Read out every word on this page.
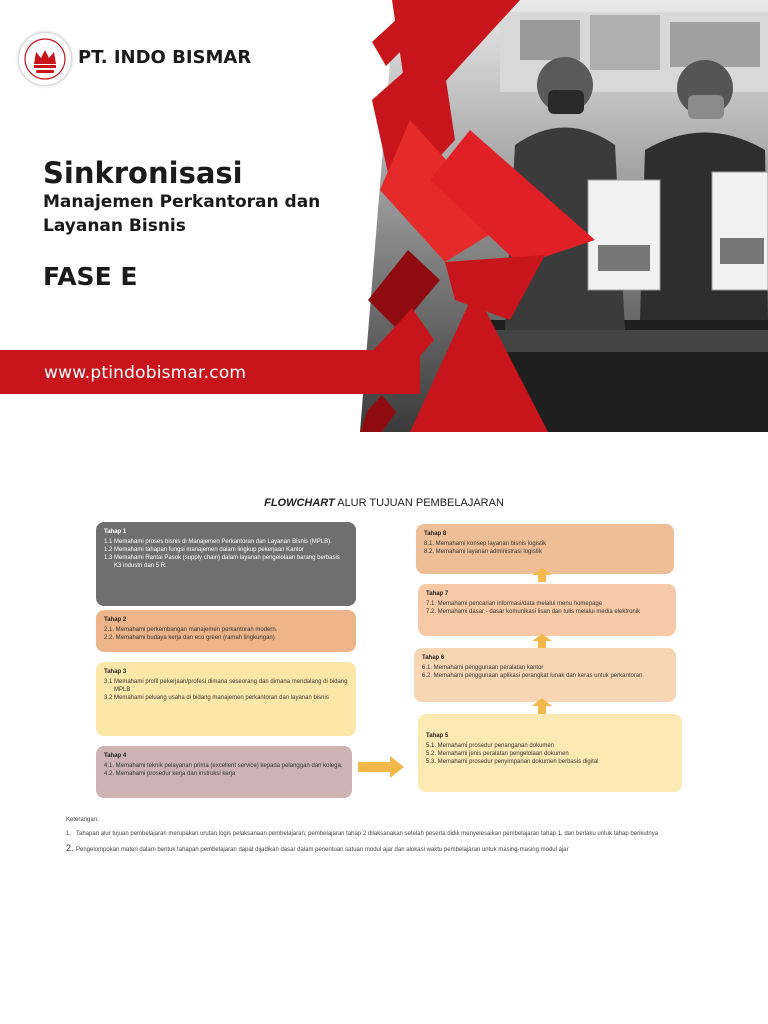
www.ptindobismar.com
PT. INDO BISMAR
Sinkronisasi
Manajemen Perkantoran dan
Layanan Bisnis
FASE E
FLOWCHART ALUR TUJUAN PEMBELAJARAN
Tahap 1
1.1 Memahami proses bisnis di Manajemen Perkantoran dan Layanan Bisnis (MPLB).
1.2 Memahami tahapan fungsi manajemen dalam lingkup pekerjaan Kantor
1.3 Memahami Rantai Pasok (supply chain) dalam layanan pengelolaan barang berbasis K3 industri dan 5 R.
Tahap 2
2.1. Memahami perkembangan manajemen perkantoran modern.
2.2. Memahami budaya kerja dan eco green (ramah lingkungan)
Tahap 3
3.1 Memahami profil pekerjaan/profesi dimana seseorang dan dimana mendalang di bidang MPLB
3.2 Memahami peluang usaha di bidang manajemen perkantoran dan layanan bisnis
Tahap 4
4.1. Memahami teknik pelayanan prima (excellent service) kepada pelanggan dan kolega.
4.2. Memahami prosedur kerja dan instruksi kerja
Tahap 8
8.1. Memahami konsep layanan bisnis logistik
8.2. Memahami layanan administrasi logistik
Tahap 7
7.1. Memahami pencarian informasi/data melalui menu homepage
7.2. Memahami dasar - dasar komunikasi lisan dan tulis melalui media elektronik
Tahap 6
6.1. Memahami penggunaan peralatan kantor
6.2. Memahami penggunaan aplikasi perangkat lunak dan keras untuk perkantoran
Tahap 5
5.1. Memahami prosedur penanganan dokumen
5.2. Memahami jenis peralatan pengelolaan dokumen
5.3. Memahami prosedur penyimpanan dokumen berbasis digital
Keterangan:
1. Tahapan alur tujuan pembelajaran merupakan urutan logis pelaksanaan pembelajaran; pembelajaran tahap 2 dilaksanakan setelah peserta didik menyelesaikan pembelajaran tahap 1, dan berlaku untuk tahap berikutnya
2. Pengelompokan materi dalam bentuk tahapan pembelajaran dapat dijadikan dasar dalam penentuan satuan modul ajar dan alokasi waktu pembelajaran untuk masing-masing modul ajar
